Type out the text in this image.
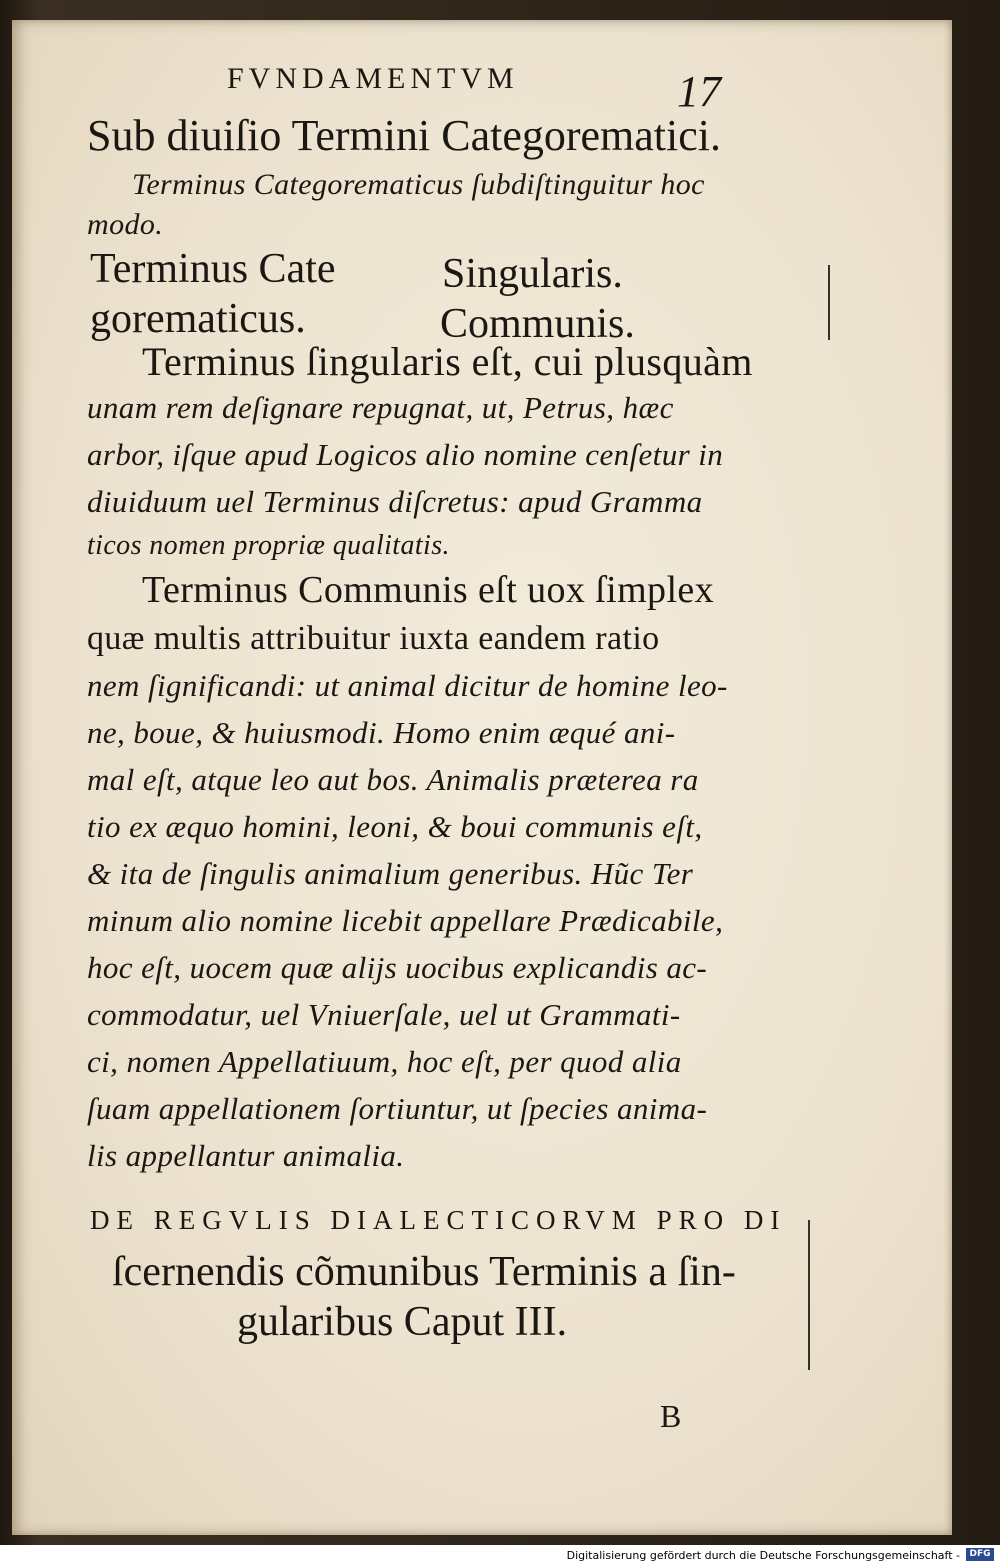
FVNDAMENTVM	17
Sub diuiſio Termini Categorematici.
Terminus Categorematicus ſubdiſtinguitur hoc
modo.
Terminus Cate
gorematicus.
Singularis.
Communis.
Terminus ſingularis eſt, cui plusquàm
unam rem deſignare repugnat, ut, Petrus, hæc
arbor, iſque apud Logicos alio nomine cenſetur in
diuiduum uel Terminus diſcretus: apud Gramma
ticos nomen propriæ qualitatis.
Terminus Communis eſt uox ſimplex
quæ multis attribuitur iuxta eandem ratio
nem ſignificandi: ut animal dicitur de homine leo-
ne, boue, & huiusmodi. Homo enim æqué ani-
mal eſt, atque leo aut bos. Animalis præterea ra
tio ex æquo homini, leoni, & boui communis eſt,
& ita de ſingulis animalium generibus. Hũc Ter
minum alio nomine licebit appellare Prædicabile,
hoc eſt, uocem quæ alijs uocibus explicandis ac-
commodatur, uel Vniuerſale, uel ut Grammati-
ci, nomen Appellatiuum, hoc eſt, per quod alia
ſuam appellationem ſortiuntur, ut ſpecies anima-
lis appellantur animalia.
DE REGVLIS DIALECTICORVM PRO DI
ſcernendis cõmunibus Terminis a ſin-
gularibus Caput III.
B
Digitalisierung gefördert durch die Deutsche Forschungsgemeinschaft -	DFG
